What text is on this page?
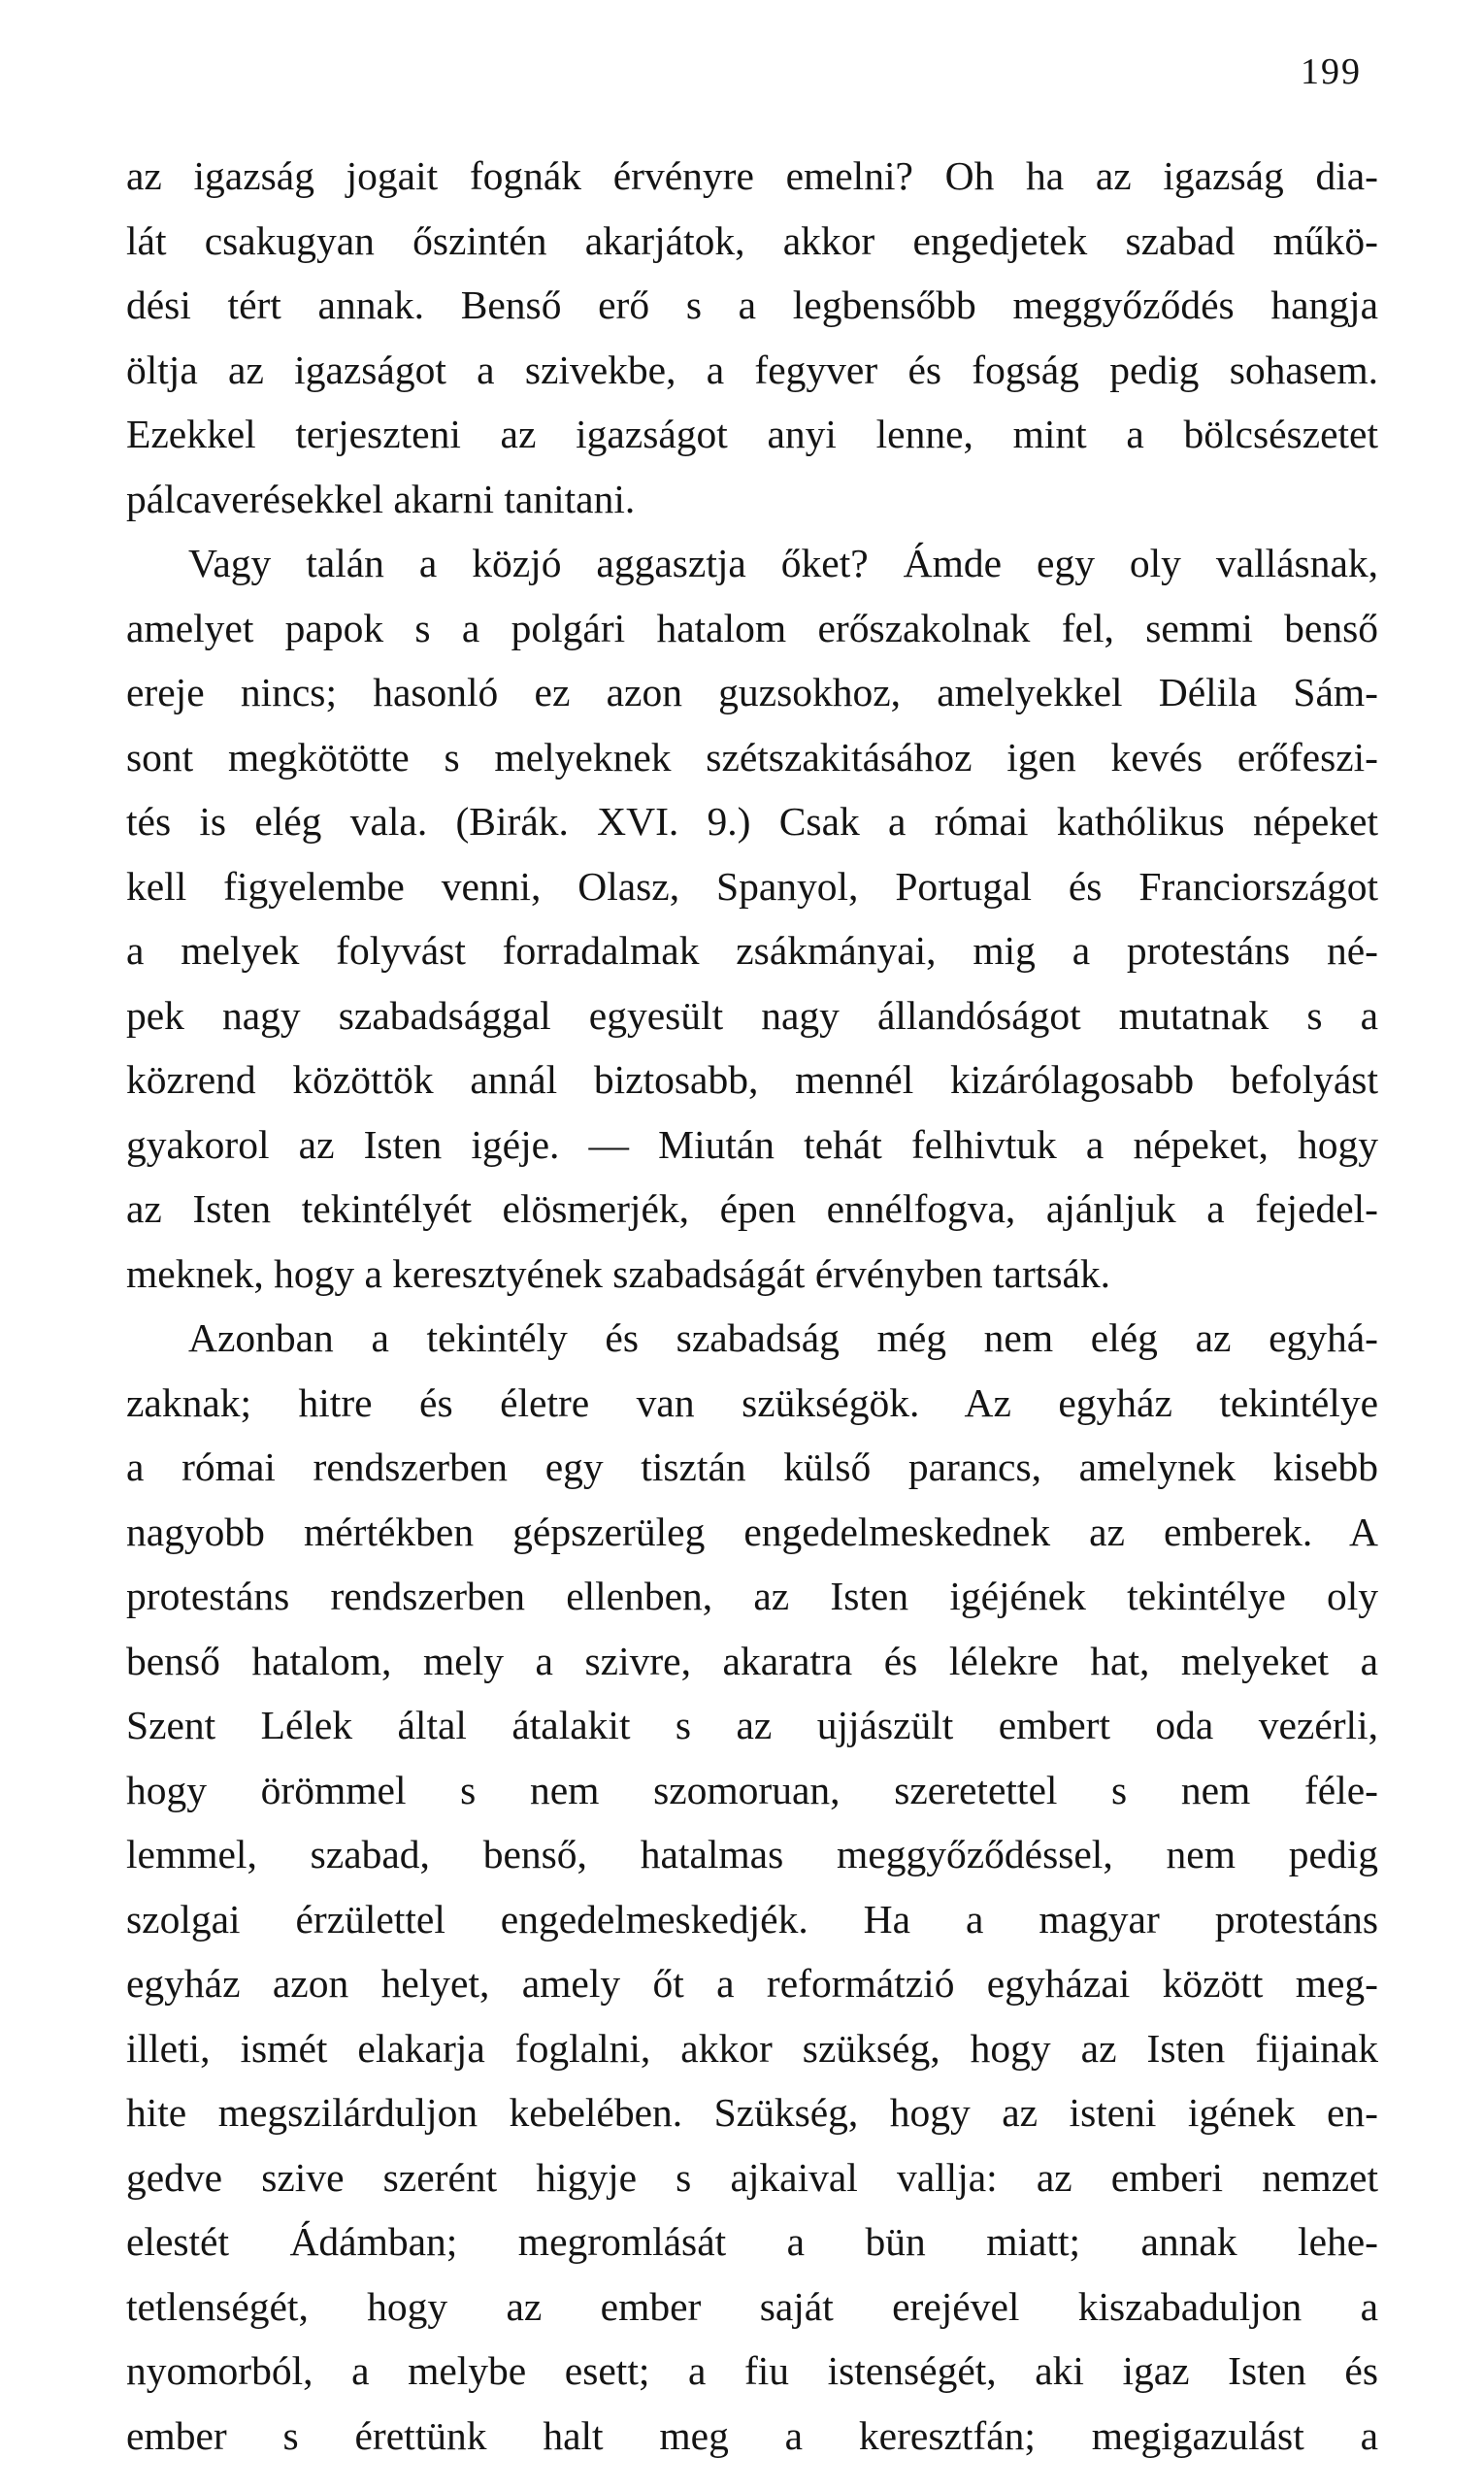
199
az igazság jogait fognák érvényre emelni? Oh ha az igazság dia-
lát csakugyan őszintén akarjátok, akkor engedjetek szabad műkö-
dési tért annak. Benső erő s a legbensőbb meggyőződés hangja
öltja az igazságot a szivekbe, a fegyver és fogság pedig sohasem.
Ezekkel terjeszteni az igazságot anyi lenne, mint a bölcsészetet
pálcaverésekkel akarni tanitani.
Vagy talán a közjó aggasztja őket? Ámde egy oly vallásnak,
amelyet papok s a polgári hatalom erőszakolnak fel, semmi benső
ereje nincs; hasonló ez azon guzsokhoz, amelyekkel Délila Sám-
sont megkötötte s melyeknek szétszakitásához igen kevés erőfeszi-
tés is elég vala. (Birák. XVI. 9.) Csak a római kathólikus népeket
kell figyelembe venni, Olasz, Spanyol, Portugal és Franciországot
a melyek folyvást forradalmak zsákmányai, mig a protestáns né-
pek nagy szabadsággal egyesült nagy állandóságot mutatnak s a
közrend közöttök annál biztosabb, mennél kizárólagosabb befolyást
gyakorol az Isten igéje. — Miután tehát felhivtuk a népeket, hogy
az Isten tekintélyét elösmerjék, épen ennélfogva, ajánljuk a fejedel-
meknek, hogy a keresztyének szabadságát érvényben tartsák.
Azonban a tekintély és szabadság még nem elég az egyhá-
zaknak; hitre és életre van szükségök. Az egyház tekintélye
a római rendszerben egy tisztán külső parancs, amelynek kisebb
nagyobb mértékben gépszerüleg engedelmeskednek az emberek. A
protestáns rendszerben ellenben, az Isten igéjének tekintélye oly
benső hatalom, mely a szivre, akaratra és lélekre hat, melyeket a
Szent Lélek által átalakit s az ujjászült embert oda vezérli,
hogy örömmel s nem szomoruan, szeretettel s nem féle-
lemmel, szabad, benső, hatalmas meggyőződéssel, nem pedig
szolgai érzülettel engedelmeskedjék. Ha a magyar protestáns
egyház azon helyet, amely őt a reformátzió egyházai között meg-
illeti, ismét elakarja foglalni, akkor szükség, hogy az Isten fijainak
hite megszilárduljon kebelében. Szükség, hogy az isteni igének en-
gedve szive szerént higyje s ajkaival vallja: az emberi nemzet
elestét Ádámban; megromlását a bün miatt; annak lehe-
tetlenségét, hogy az ember saját erejével kiszabaduljon a
nyomorból, a melybe esett; a fiu istenségét, aki igaz Isten és
ember s érettünk halt meg a keresztfán; megigazulást a
